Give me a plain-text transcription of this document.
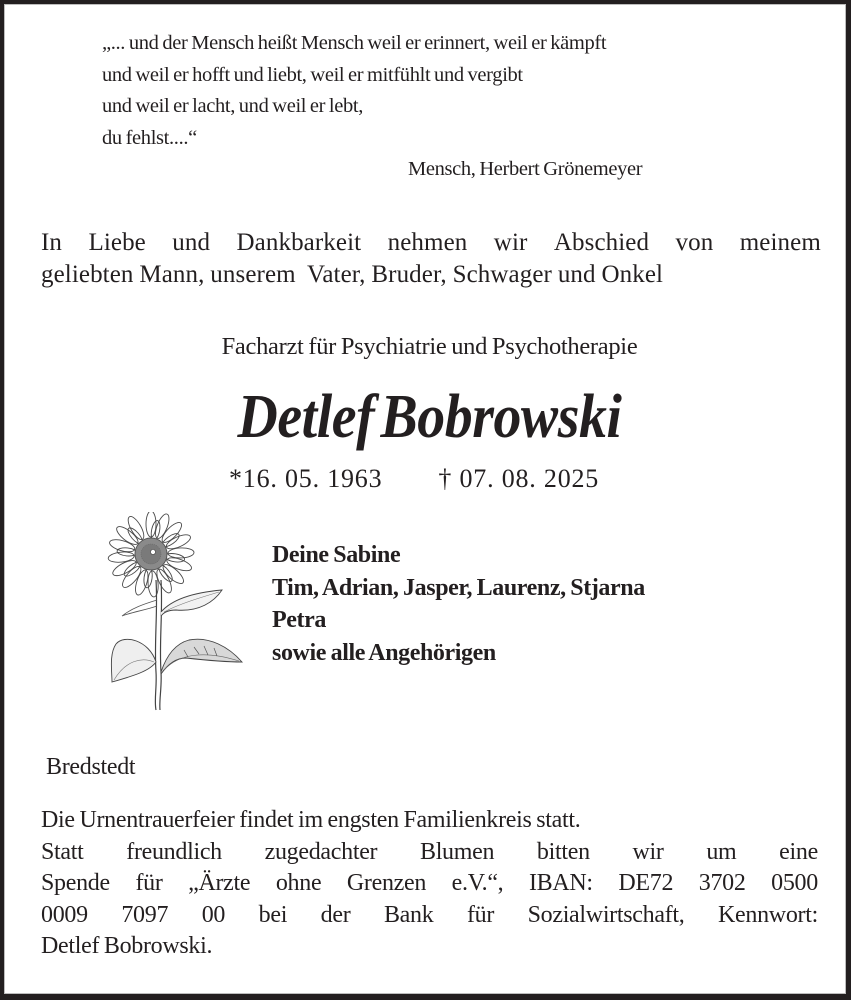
„... und der Mensch heißt Mensch weil er erinnert, weil er kämpft
und weil er hofft und liebt, weil er mitfühlt und vergibt
und weil er lacht, und weil er lebt,
du fehlst....“
Mensch, Herbert Grönemeyer
In Liebe und Dankbarkeit nehmen wir Abschied von meinem
geliebten Mann, unserem  Vater, Bruder, Schwager und Onkel
Facharzt für Psychiatrie und Psychotherapie
Detlef Bobrowski
*16. 05. 1963 † 07. 08. 2025
Deine Sabine
Tim, Adrian, Jasper, Laurenz, Stjarna
Petra
sowie alle Angehörigen
Bredstedt
Die Urnentrauerfeier findet im engsten Familienkreis statt.
Statt freundlich zugedachter Blumen bitten wir um eine
Spende für „Ärzte ohne Grenzen e.V.“, IBAN: DE72 3702 0500
0009 7097 00 bei der Bank für Sozialwirtschaft, Kennwort:
Detlef Bobrowski.
